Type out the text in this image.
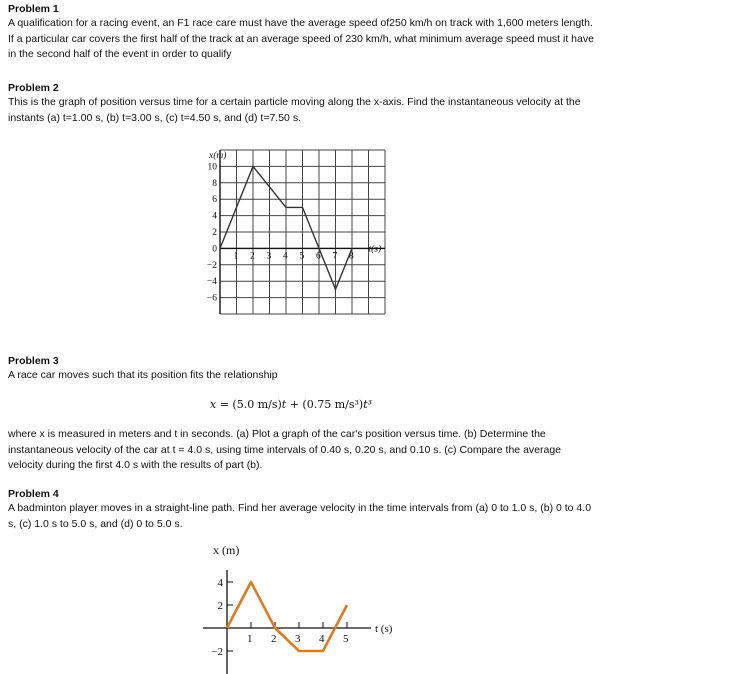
Problem 1
A qualification for a racing event, an F1 race care must have the average speed of250 km/h on track with 1,600 meters length. If a particular car covers the first half of the track at an average speed of 230 km/h, what minimum average speed must it have in the second half of the event in order to qualify
Problem 2
This is the graph of position versus time for a certain particle moving along the x-axis. Find the instantaneous velocity at the instants (a) t=1.00 s, (b) t=3.00 s, (c) t=4.50 s, and (d) t=7.50 s.
10
8
6
4
2
0
−2
−4
−6
1 2 3 4 5 6 7 8
x(m)
t(s)
Problem 3
A race car moves such that its position fits the relationship
x = (5.0 m/s)t + (0.75 m/s³)t³
where x is measured in meters and t in seconds. (a) Plot a graph of the car's position versus time. (b) Determine the instantaneous velocity of the car at t = 4.0 s, using time intervals of 0.40 s, 0.20 s, and 0.10 s. (c) Compare the average velocity during the first 4.0 s with the results of part (b).
Problem 4
A badminton player moves in a straight-line path. Find her average velocity in the time intervals from (a) 0 to 1.0 s, (b) 0 to 4.0 s, (c) 1.0 s to 5.0 s, and (d) 0 to 5.0 s.
4
2
−2
1 2 3 4 5
x (m)
t (s)
